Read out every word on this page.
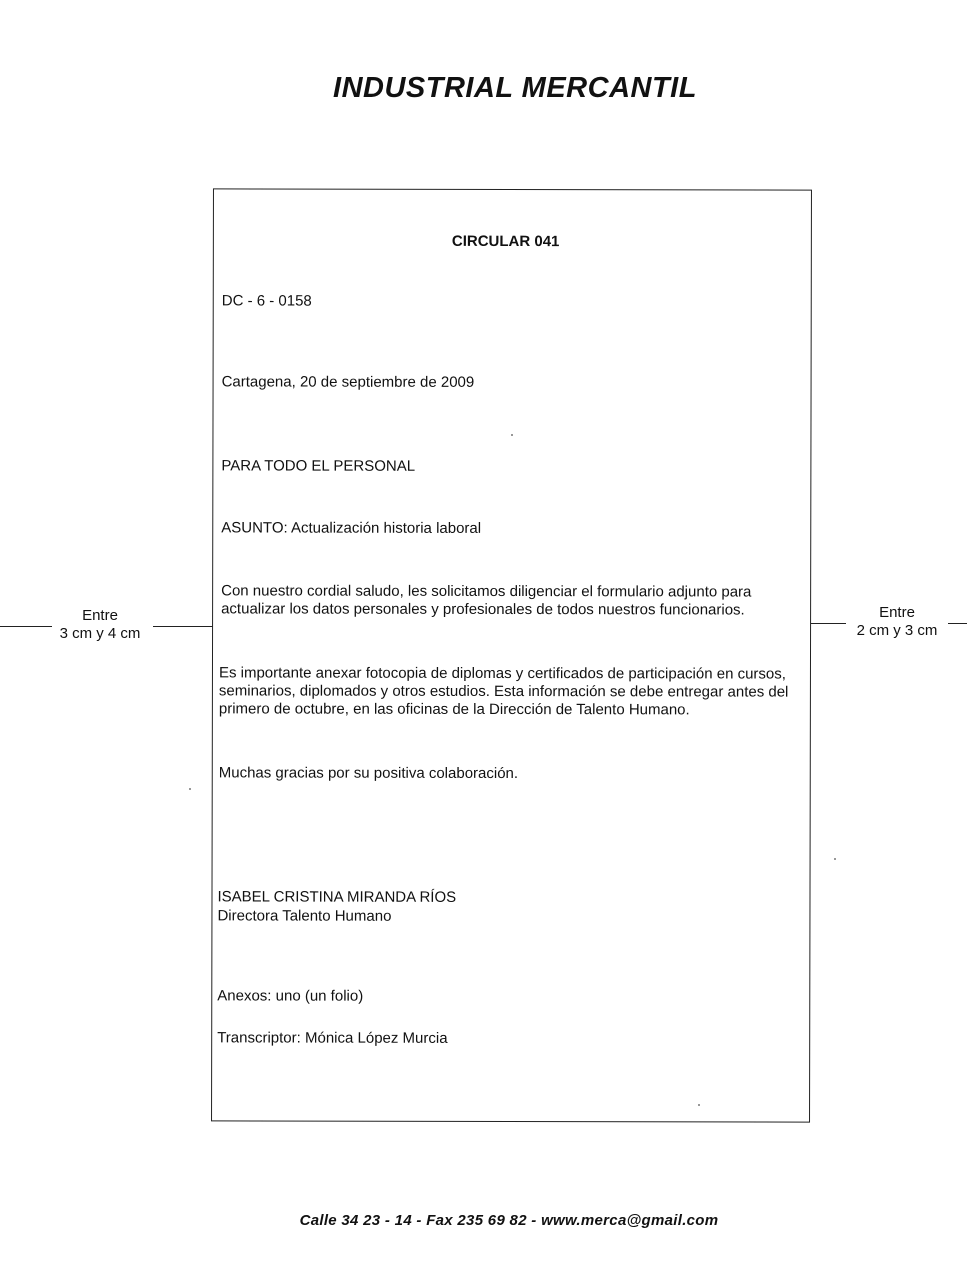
INDUSTRIAL MERCANTIL
Entre
3 cm y 4 cm
Entre
2 cm y 3 cm
CIRCULAR 041
DC - 6 - 0158
Cartagena, 20 de septiembre de 2009
PARA TODO EL PERSONAL
ASUNTO: Actualización historia laboral
Con nuestro cordial saludo, les solicitamos diligenciar el formulario adjunto para actualizar los datos personales y profesionales de todos nuestros funcionarios.
Es importante anexar fotocopia de diplomas y certificados de participación en cursos, seminarios, diplomados y otros estudios. Esta información se debe entregar antes del primero de octubre, en las oficinas de la Dirección de Talento Humano.
Muchas gracias por su positiva colaboración.
ISABEL CRISTINA MIRANDA RÍOS
Directora Talento Humano
Anexos: uno (un folio)
Transcriptor: Mónica López Murcia
Calle 34 23 - 14 - Fax 235 69 82 - www.merca@gmail.com
